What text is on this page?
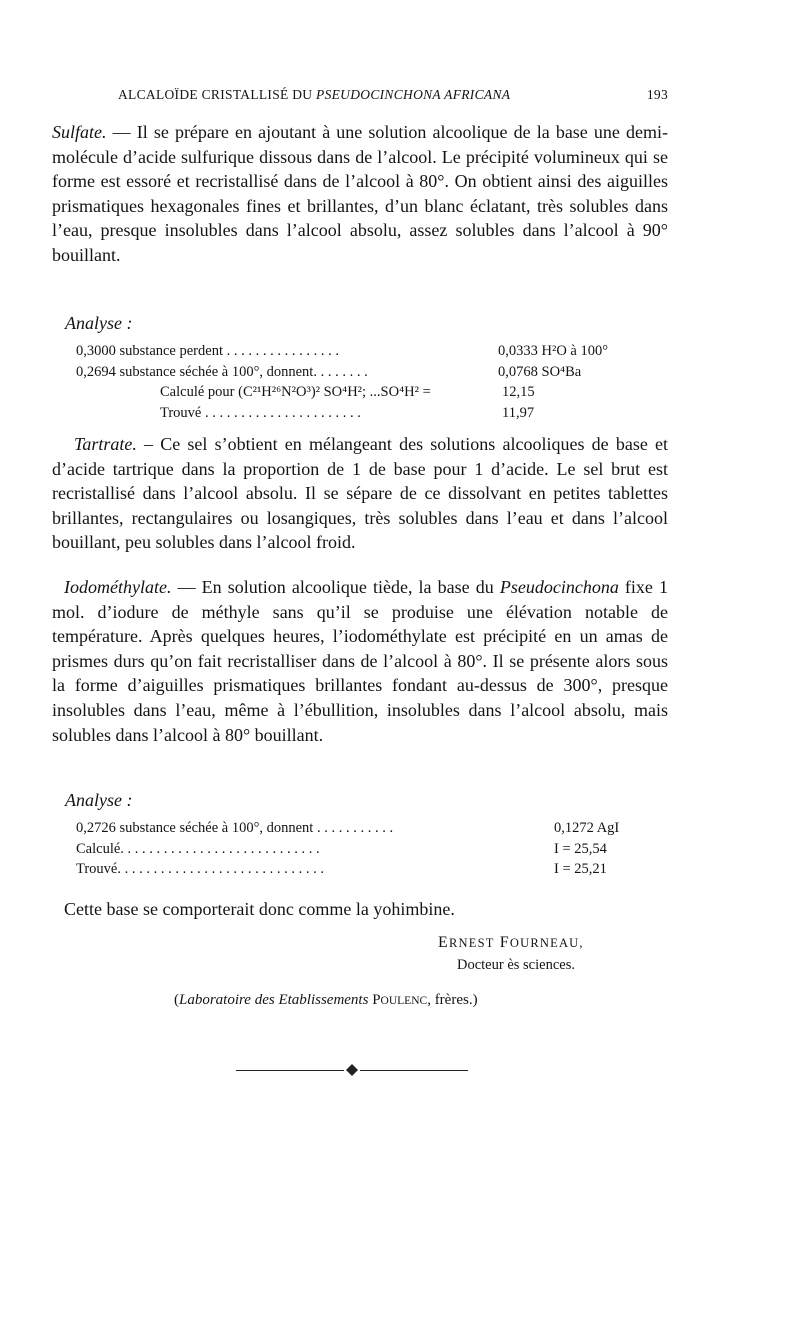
ALCALOÏDE CRISTALLISÉ DU PSEUDOCINCHONA AFRICANA	193
Sulfate. — Il se prépare en ajoutant à une solution alcoolique de la base une demi-molécule d’acide sulfurique dissous dans de l’alcool. Le précipité volumineux qui se forme est essoré et recristallisé dans de l’alcool à 80°. On obtient ainsi des aiguilles prismatiques hexagonales fines et brillantes, d’un blanc éclatant, très solubles dans l’eau, presque insolubles dans l’alcool absolu, assez solubles dans l’alcool à 90° bouillant.
Analyse :
0,3000 substance perdent . . . . . . . . . . . . . . . .	0,0333 H²O à 100°
0,2694 substance séchée à 100°, donnent. . . . . . . .	0,0768 SO⁴Ba
Calculé pour (C²¹H²⁶N²O³)² SO⁴H²; ...SO⁴H² =	12,15
Trouvé . . . . . . . . . . . . . . . . . . . . . .	11,97
Tartrate. – Ce sel s’obtient en mélangeant des solutions alcooliques de base et d’acide tartrique dans la proportion de 1 de base pour 1 d’acide. Le sel brut est recristallisé dans l’alcool absolu. Il se sépare de ce dissolvant en petites tablettes brillantes, rectangulaires ou losangiques, très solubles dans l’eau et dans l’alcool bouillant, peu solubles dans l’alcool froid.
Iodométhylate. — En solution alcoolique tiède, la base du Pseudocinchona fixe 1 mol. d’iodure de méthyle sans qu’il se produise une élévation notable de température. Après quelques heures, l’iodométhylate est précipité en un amas de prismes durs qu’on fait recristalliser dans de l’alcool à 80°. Il se présente alors sous la forme d’aiguilles prismatiques brillantes fondant au-dessus de 300°, presque insolubles dans l’eau, même à l’ébullition, insolubles dans l’alcool absolu, mais solubles dans l’alcool à 80° bouillant.
Analyse :
0,2726 substance séchée à 100°, donnent . . . . . . . . . . .	0,1272 AgI
Calculé. . . . . . . . . . . . . . . . . . . . . . . . . . . .	I = 25,54
Trouvé. . . . . . . . . . . . . . . . . . . . . . . . . . . . .	I = 25,21
Cette base se comporterait donc comme la yohimbine.
ERNEST FOURNEAU,
Docteur ès sciences.
(Laboratoire des Etablissements POULENC, frères.)
